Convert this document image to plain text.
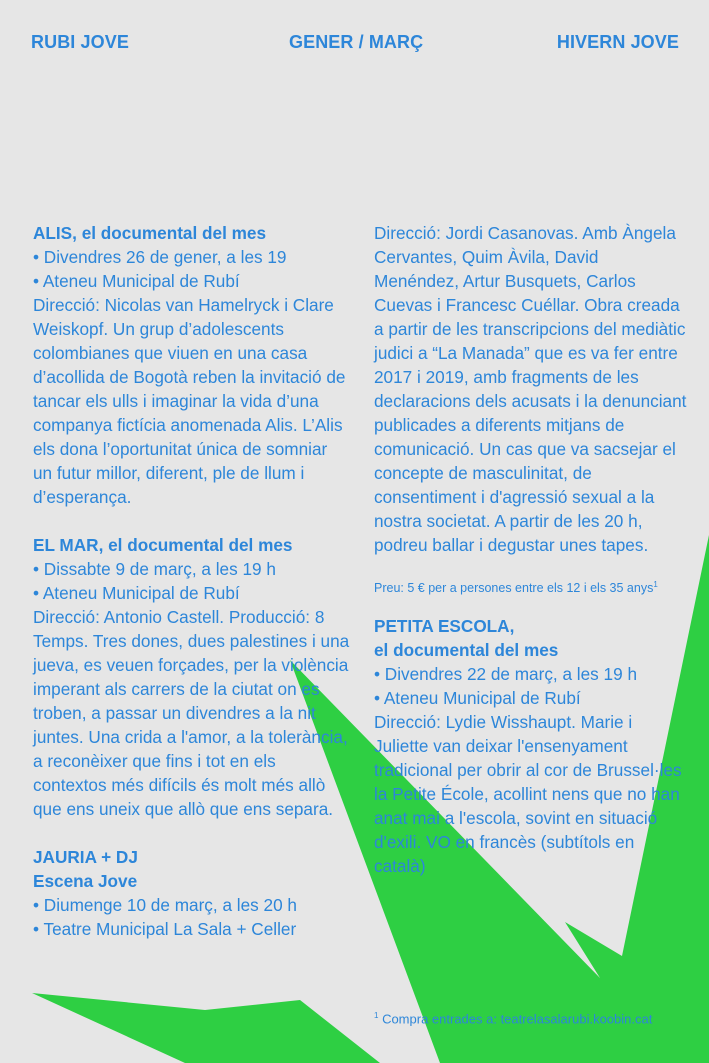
RUBI JOVE	GENER / MARÇ	HIVERN JOVE

ALIS, el documental del mes

• Divendres 26 de gener, a les 19

• Ateneu Municipal de Rubí

Direcció: Nicolas van Hamelryck i Clare Weiskopf. Un grup d’adolescents colombianes que viuen en una casa d’acollida de Bogotà reben la invitació de tancar els ulls i imaginar la vida d’una companya fictícia anomenada Alis. L’Alis els dona l’oportunitat única de somniar un futur millor, diferent, ple de llum i d’esperança.

EL MAR, el documental del mes

• Dissabte 9 de març, a les 19 h

• Ateneu Municipal de Rubí

Direcció: Antonio Castell. Producció: 8 Temps. Tres dones, dues palestines i una jueva, es veuen forçades, per la violència imperant als carrers de la ciutat on es troben, a passar un divendres a la nit juntes. Una crida a l'amor, a la tolerància, a reconèixer que fins i tot en els contextos més difícils és molt més allò que ens uneix que allò que ens separa.

JAURIA + DJ

Escena Jove

• Diumenge 10 de març, a les 20 h

• Teatre Municipal La Sala + Celler

Direcció: Jordi Casanovas. Amb Àngela Cervantes, Quim Àvila, David Menéndez, Artur Busquets, Carlos Cuevas i Francesc Cuéllar. Obra creada a partir de les transcripcions del mediàtic judici a “La Manada” que es va fer entre 2017 i 2019, amb fragments de les declaracions dels acusats i la denunciant publicades a diferents mitjans de comunicació. Un cas que va sacsejar el concepte de masculinitat, de consentiment i d'agressió sexual a la nostra societat. A partir de les 20 h, podreu ballar i degustar unes tapes.

Preu: 5 € per a persones entre els 12 i els 35 anys$^1$

PETITA ESCOLA,

el documental del mes

• Divendres 22 de març, a les 19 h

• Ateneu Municipal de Rubí

Direcció: Lydie Wisshaupt. Marie i Juliette van deixar l'ensenyament tradicional per obrir al cor de Brussel·les la Petite École, acollint nens que no han anat mai a l'escola, sovint en situació d'exili. VO en francès (subtítols en català)

$^1$ Compra entrades a: teatrelasalarubi.koobin.cat
